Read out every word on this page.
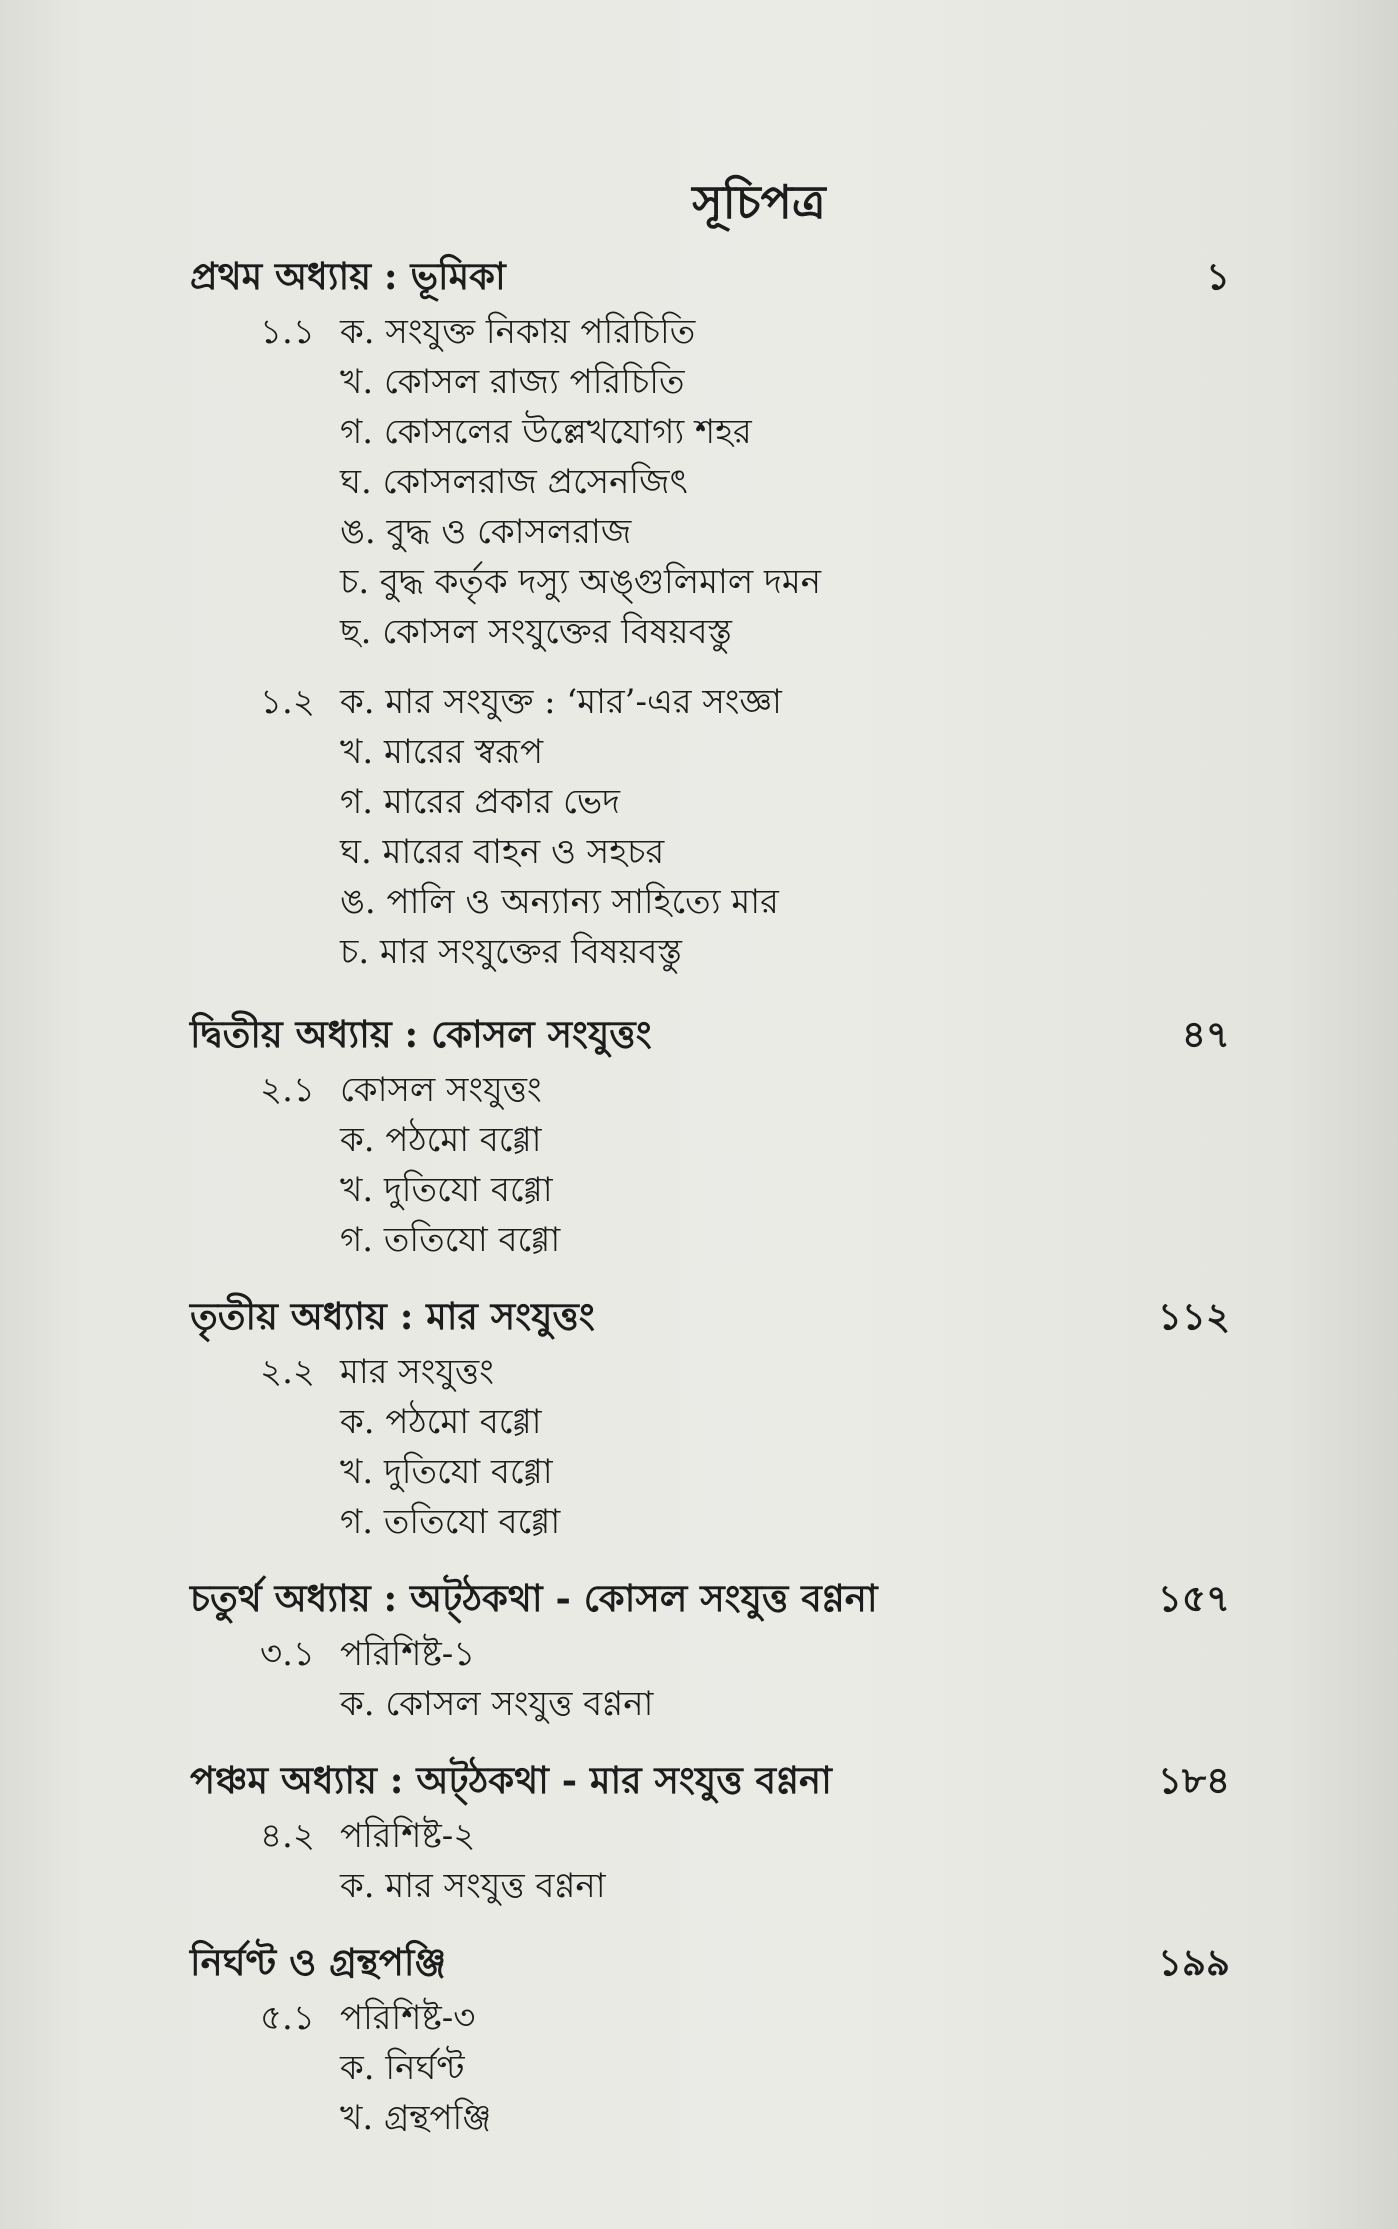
সূচিপত্র
প্রথম অধ্যায় : ভূমিকা	১
১.১ ক. সংযুক্ত নিকায় পরিচিতি
খ. কোসল রাজ্য পরিচিতি
গ. কোসলের উল্লেখযোগ্য শহর
ঘ. কোসলরাজ প্রসেনজিৎ
ঙ. বুদ্ধ ও কোসলরাজ
চ. বুদ্ধ কর্তৃক দস্যু অঙ্গুলিমাল দমন
ছ. কোসল সংযুক্তের বিষয়বস্তু
১.২ ক. মার সংযুক্ত : ‘মার’-এর সংজ্ঞা
খ. মারের স্বরূপ
গ. মারের প্রকার ভেদ
ঘ. মারের বাহন ও সহচর
ঙ. পালি ও অন্যান্য সাহিত্যে মার
চ. মার সংযুক্তের বিষয়বস্তু
দ্বিতীয় অধ্যায় : কোসল সংযুত্তং	৪৭
২.১ কোসল সংযুত্তং
ক. পঠমো বগ্গো
খ. দুতিযো বগ্গো
গ. ততিযো বগ্গো
তৃতীয় অধ্যায় : মার সংযুত্তং	১১২
২.২ মার সংযুত্তং
ক. পঠমো বগ্গো
খ. দুতিযো বগ্গো
গ. ততিযো বগ্গো
চতুর্থ অধ্যায় : অট্ঠকথা - কোসল সংযুত্ত বণ্ণনা	১৫৭
৩.১ পরিশিষ্ট-১
ক. কোসল সংযুত্ত বণ্ণনা
পঞ্চম অধ্যায় : অট্ঠকথা - মার সংযুত্ত বণ্ণনা	১৮৪
৪.২ পরিশিষ্ট-২
ক. মার সংযুত্ত বণ্ণনা
নির্ঘণ্ট ও গ্রন্থপঞ্জি	১৯৯
৫.১ পরিশিষ্ট-৩
ক. নির্ঘণ্ট
খ. গ্রন্থপঞ্জি
